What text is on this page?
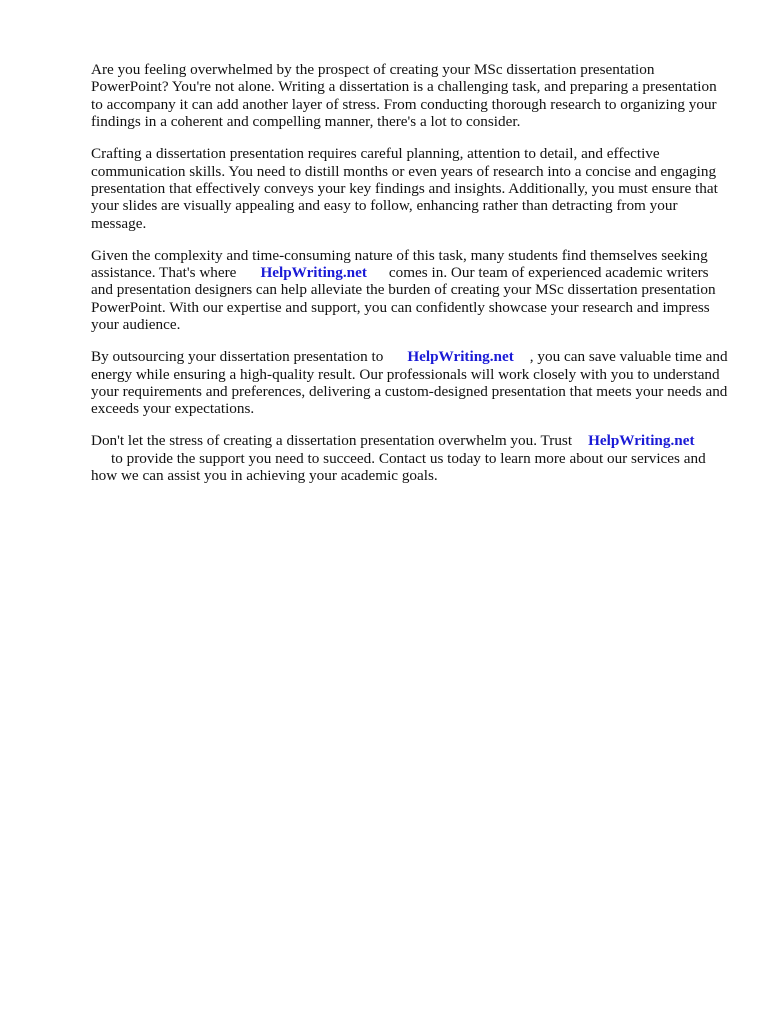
Are you feeling overwhelmed by the prospect of creating your MSc dissertation presentation PowerPoint? You're not alone. Writing a dissertation is a challenging task, and preparing a presentation to accompany it can add another layer of stress. From conducting thorough research to organizing your findings in a coherent and compelling manner, there's a lot to consider.

Crafting a dissertation presentation requires careful planning, attention to detail, and effective communication skills. You need to distill months or even years of research into a concise and engaging presentation that effectively conveys your key findings and insights. Additionally, you must ensure that your slides are visually appealing and easy to follow, enhancing rather than detracting from your message.

Given the complexity and time-consuming nature of this task, many students find themselves seeking assistance. That's where HelpWriting.net comes in. Our team of experienced academic writers and presentation designers can help alleviate the burden of creating your MSc dissertation presentation PowerPoint. With our expertise and support, you can confidently showcase your research and impress your audience.

By outsourcing your dissertation presentation to HelpWriting.net , you can save valuable time and energy while ensuring a high-quality result. Our professionals will work closely with you to understand your requirements and preferences, delivering a custom-designed presentation that meets your needs and exceeds your expectations.

Don't let the stress of creating a dissertation presentation overwhelm you. Trust HelpWriting.net
to provide the support you need to succeed. Contact us today to learn more about our services and how we can assist you in achieving your academic goals.
